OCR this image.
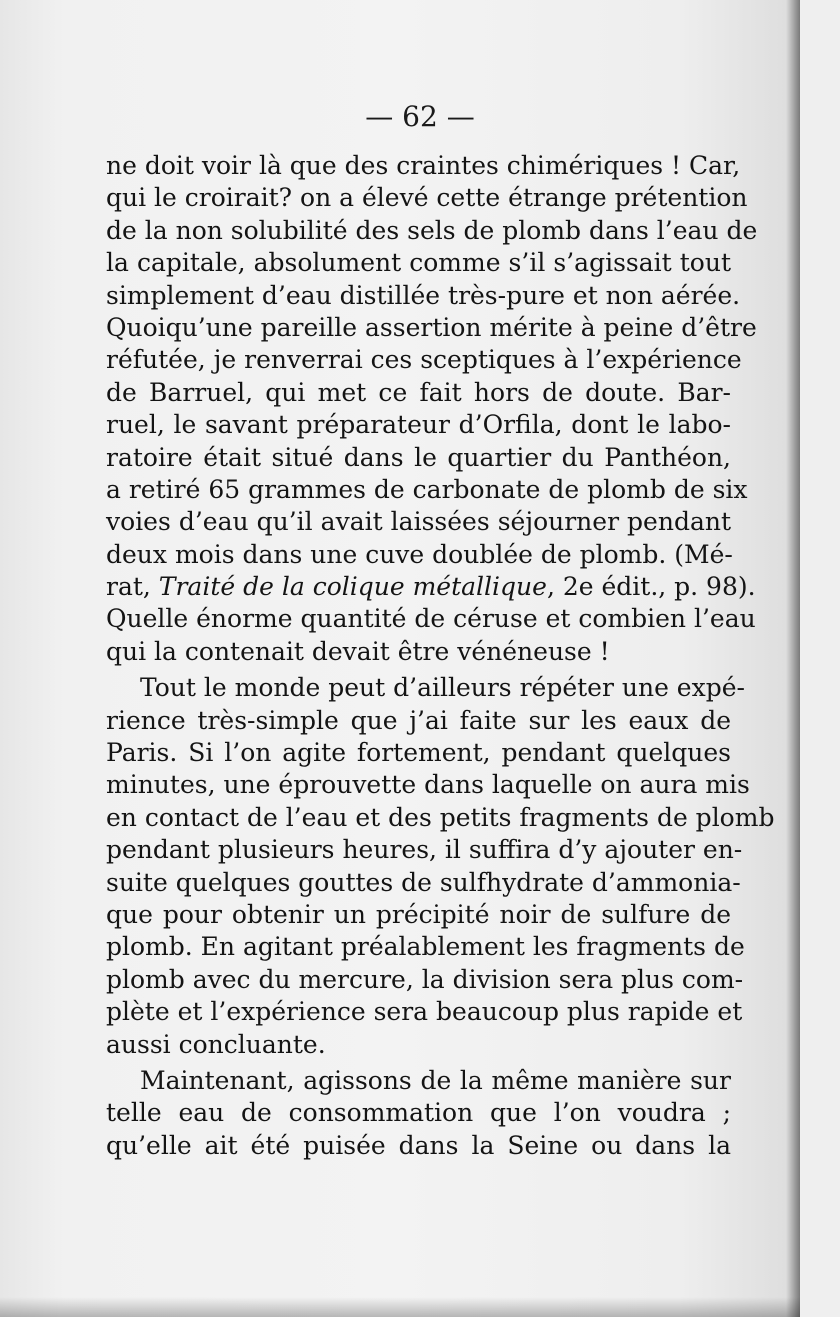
— 62 —
ne doit voir là que des craintes chimériques ! Car,
qui le croirait? on a élevé cette étrange prétention
de la non solubilité des sels de plomb dans l’eau de
la capitale, absolument comme s’il s’agissait tout
simplement d’eau distillée très-pure et non aérée.
Quoiqu’une pareille assertion mérite à peine d’être
réfutée, je renverrai ces sceptiques à l’expérience
de Barruel, qui met ce fait hors de doute. Bar-
ruel, le savant préparateur d’Orfila, dont le labo-
ratoire était situé dans le quartier du Panthéon,
a retiré 65 grammes de carbonate de plomb de six
voies d’eau qu’il avait laissées séjourner pendant
deux mois dans une cuve doublée de plomb. (Mé-
rat, Traité de la colique métallique, 2e édit., p. 98).
Quelle énorme quantité de céruse et combien l’eau
qui la contenait devait être vénéneuse !
Tout le monde peut d’ailleurs répéter une expé-
rience très-simple que j’ai faite sur les eaux de
Paris. Si l’on agite fortement, pendant quelques
minutes, une éprouvette dans laquelle on aura mis
en contact de l’eau et des petits fragments de plomb
pendant plusieurs heures, il suffira d’y ajouter en-
suite quelques gouttes de sulfhydrate d’ammonia-
que pour obtenir un précipité noir de sulfure de
plomb. En agitant préalablement les fragments de
plomb avec du mercure, la division sera plus com-
plète et l’expérience sera beaucoup plus rapide et
aussi concluante.
Maintenant, agissons de la même manière sur
telle eau de consommation que l’on voudra ;
qu’elle ait été puisée dans la Seine ou dans la
